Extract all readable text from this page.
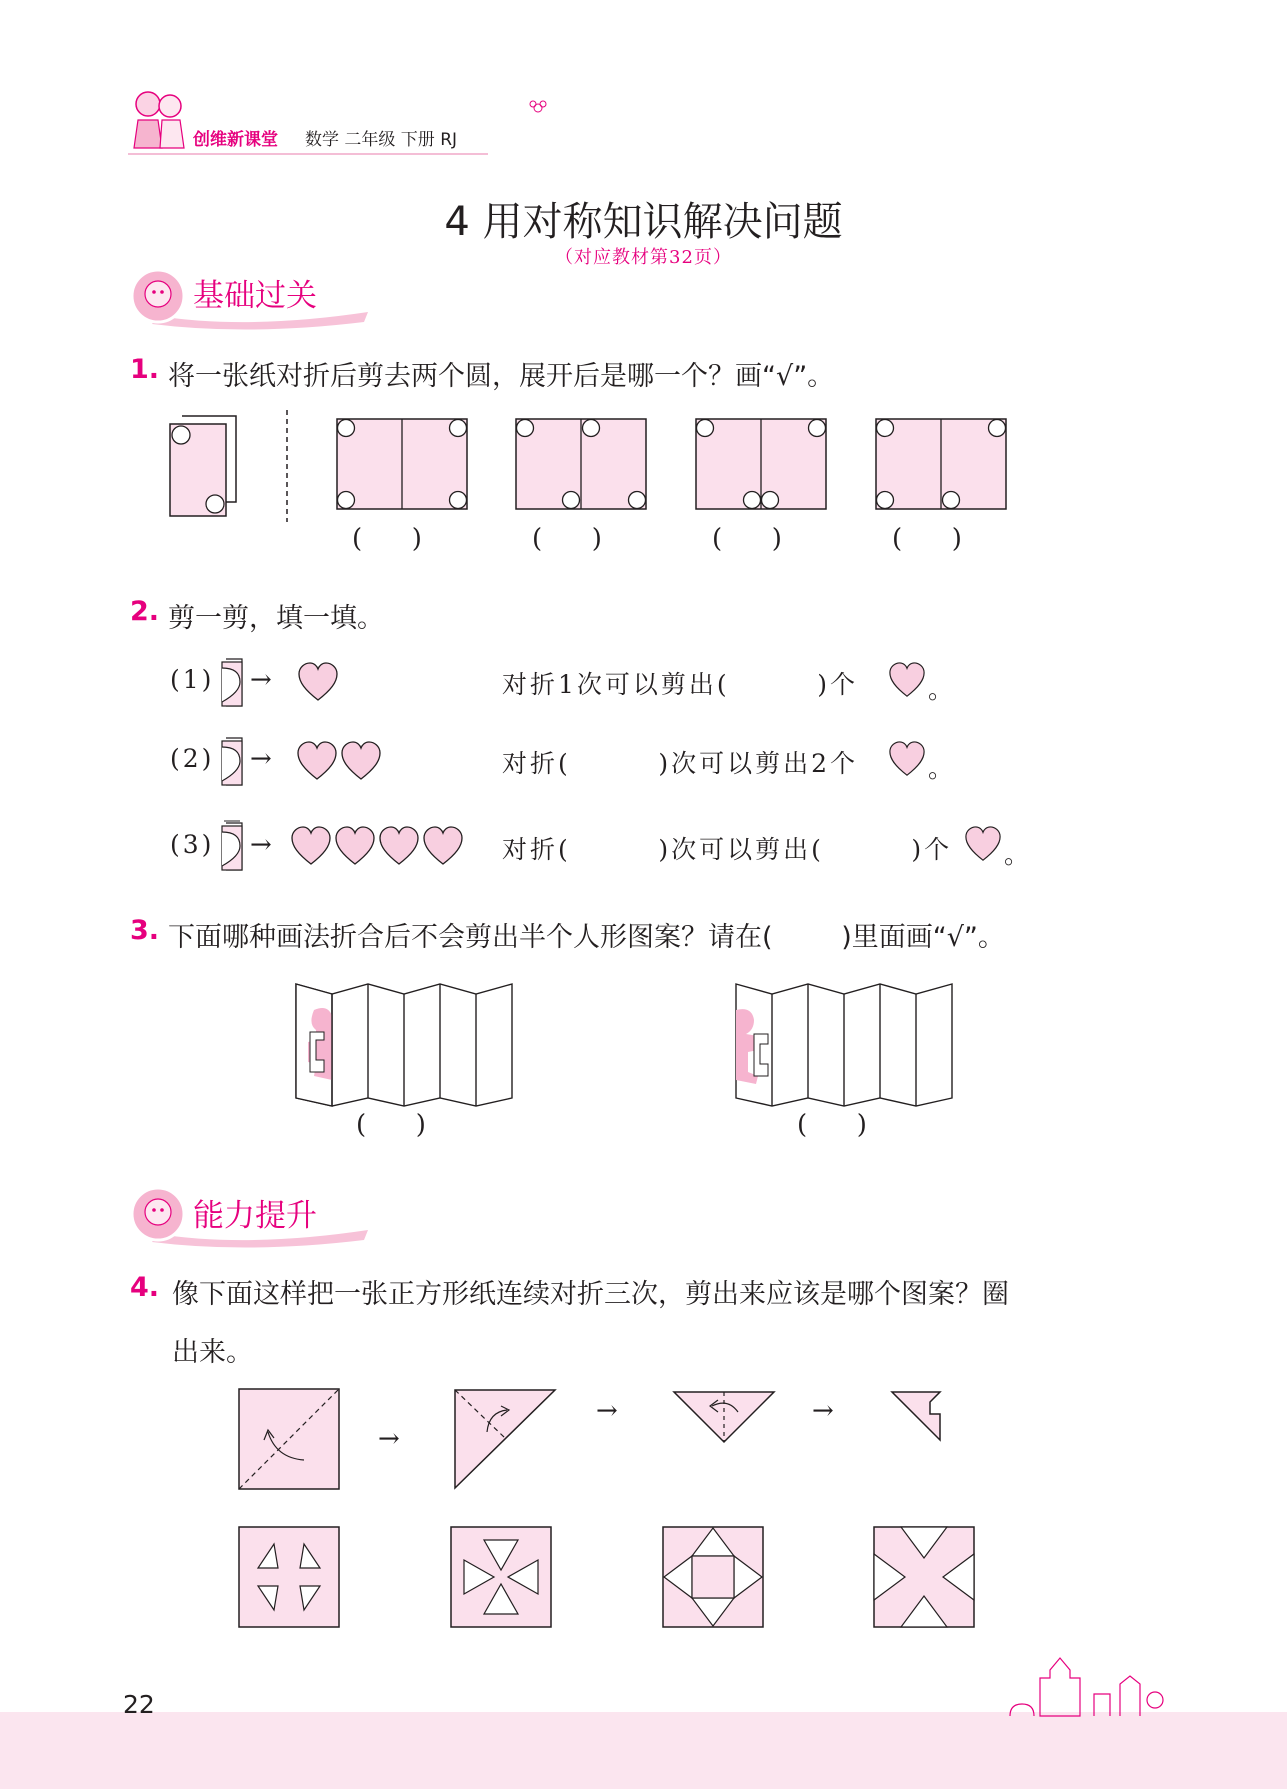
创维新课堂 数学 二年级 下册 RJ
4 用对称知识解决问题
（对应教材第32页）
基础过关
1. 将一张纸对折后剪去两个圆，展开后是哪一个？画“√”。
(      )	(      )	(      )	(      )
2. 剪一剪，填一填。
(1) →	对折1次可以剪出(        )个	。
(2) →	对折(        )次可以剪出2个	。
(3) →	对折(        )次可以剪出(        )个 。
3. 下面哪种画法折合后不会剪出半个人形图案？请在(        )里面画“√”。
(      )	(      )
能力提升
4. 像下面这样把一张正方形纸连续对折三次，剪出来应该是哪个图案？圈
出来。
→
→	→
22
